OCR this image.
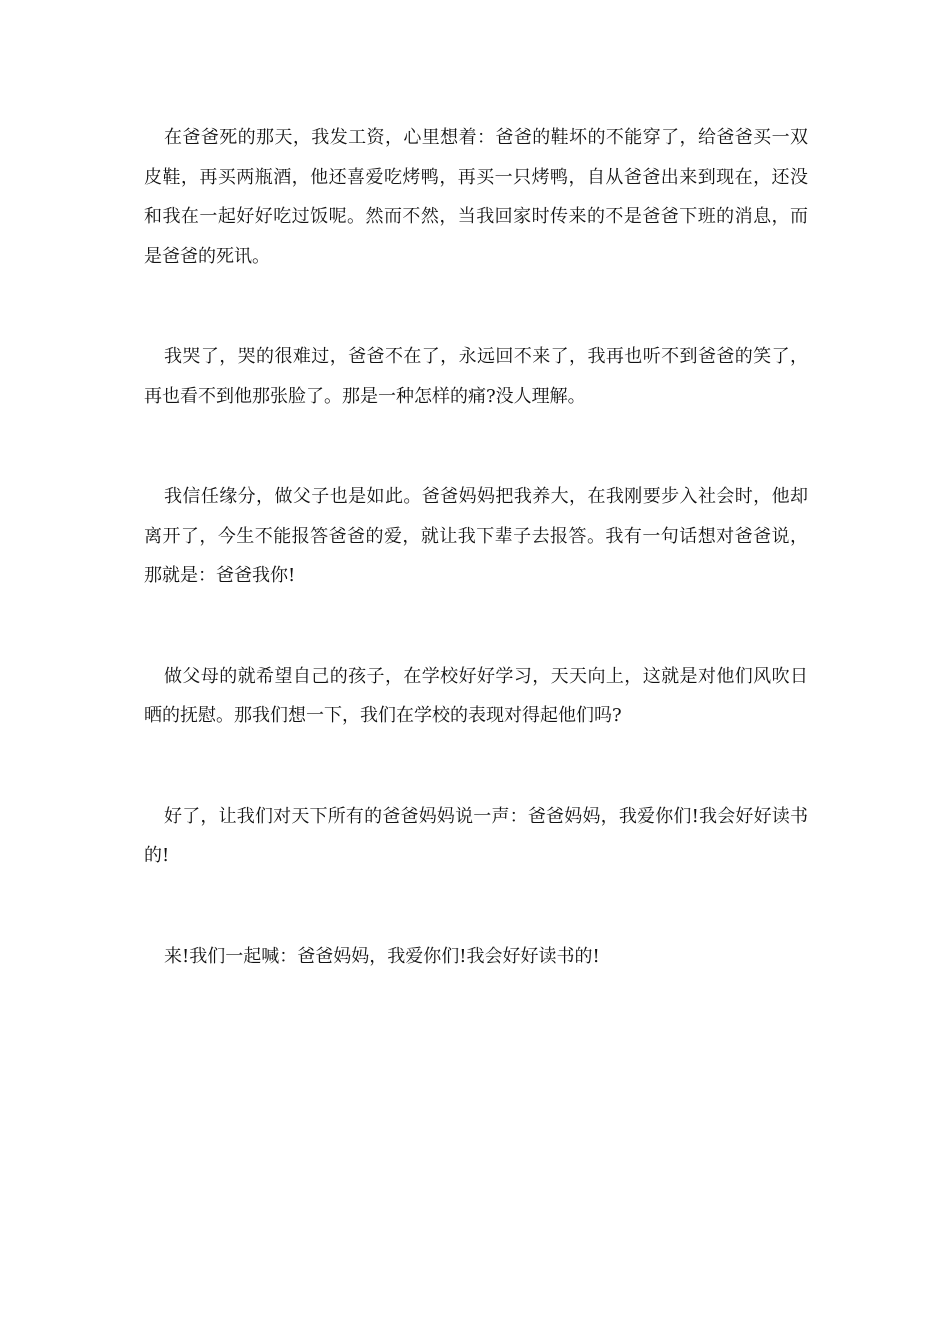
在爸爸死的那天，我发工资，心里想着：爸爸的鞋坏的不能穿了，给爸爸买一双皮鞋，再买两瓶酒，他还喜爱吃烤鸭，再买一只烤鸭，自从爸爸出来到现在，还没和我在一起好好吃过饭呢。然而不然，当我回家时传来的不是爸爸下班的消息，而是爸爸的死讯。

我哭了，哭的很难过，爸爸不在了，永远回不来了，我再也听不到爸爸的笑了，再也看不到他那张脸了。那是一种怎样的痛?没人理解。

我信任缘分，做父子也是如此。爸爸妈妈把我养大，在我刚要步入社会时，他却离开了，今生不能报答爸爸的爱，就让我下辈子去报答。我有一句话想对爸爸说，那就是：爸爸我你!

做父母的就希望自己的孩子，在学校好好学习，天天向上，这就是对他们风吹日晒的抚慰。那我们想一下，我们在学校的表现对得起他们吗?

好了，让我们对天下所有的爸爸妈妈说一声：爸爸妈妈，我爱你们!我会好好读书的!

来!我们一起喊：爸爸妈妈，我爱你们!我会好好读书的!
